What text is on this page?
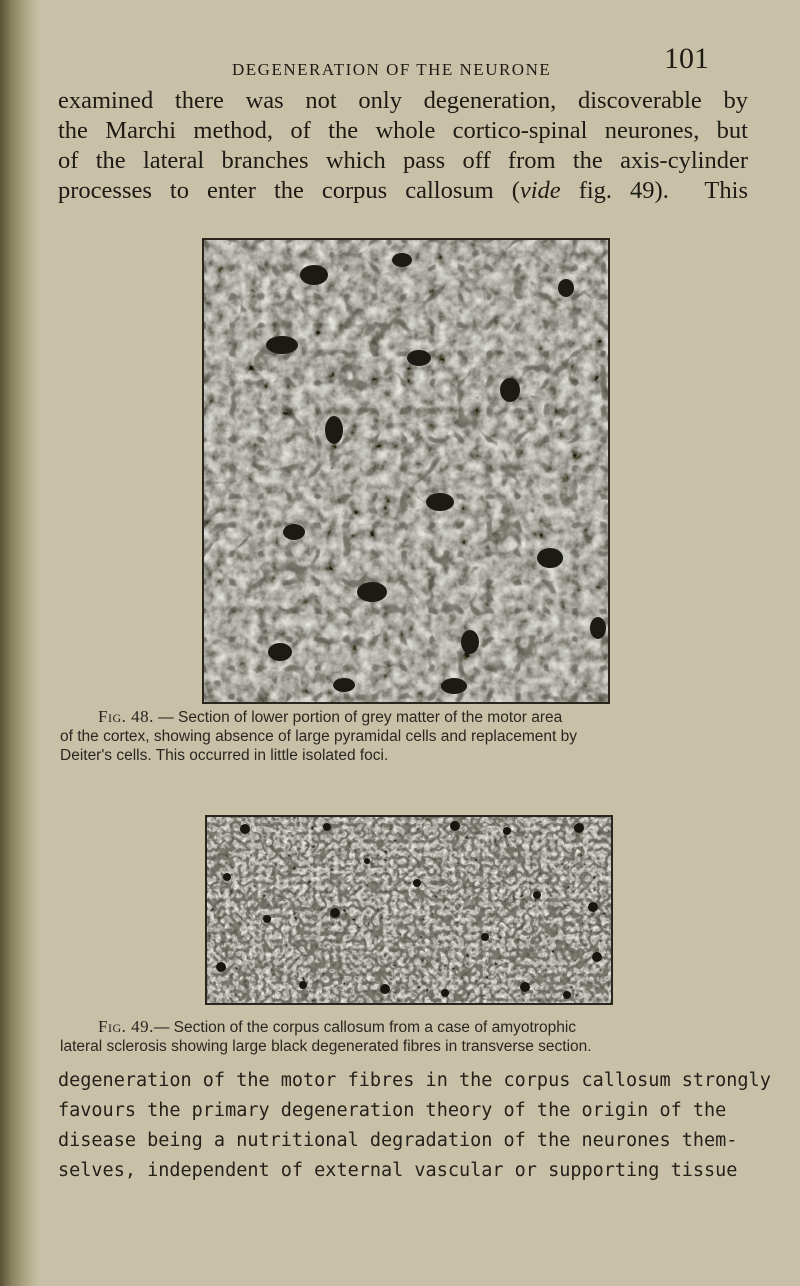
DEGENERATION OF THE NEURONE	101
examined there was not only degeneration, discoverable by
the Marchi method, of the whole cortico-spinal neurones, but
of the lateral branches which pass off from the axis-cylinder
processes to enter the corpus callosum (vide fig. 49).  This
Fig. 48. — Section of lower portion of grey matter of the motor area
of the cortex, showing absence of large pyramidal cells and replacement by
Deiter's cells. This occurred in little isolated foci.
Fig. 49.— Section of the corpus callosum from a case of amyotrophic
lateral sclerosis showing large black degenerated fibres in transverse section.
degeneration of the motor fibres in the corpus callosum strongly
favours the primary degeneration theory of the origin of the
disease being a nutritional degradation of the neurones them-
selves, independent of external vascular or supporting tissue
